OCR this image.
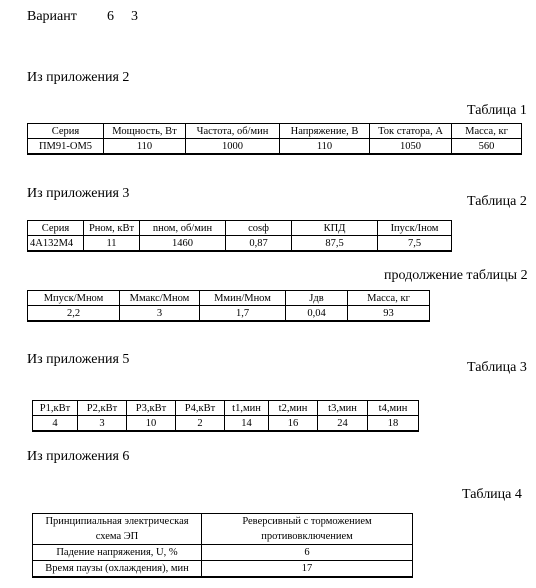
Вариант 6 3
Из приложения 2
Таблица 1
Серия	Мощность, Вт	Частота, об/мин	Напряжение, В	Ток статора, А	Масса, кг
ПМ91-ОМ5	110	1000	110	1050	560
Из приложения 3
Таблица 2
Серия	Рном, кВт	nном, об/мин	cosф	КПД	Iпуск/Iном
4А132М4	11	1460	0,87	87,5	7,5
продолжение таблицы 2
Мпуск/Мном	Ммакс/Мном	Ммин/Мном	Jдв	Масса, кг
2,2	3	1,7	0,04	93
Из приложения 5
Таблица 3
P1,кВт	P2,кВт	P3,кВт	P4,кВт	t1,мин	t2,мин	t3,мин	t4,мин
4	3	10	2	14	16	24	18
Из приложения 6
Таблица 4
Принципиальная электрическая схема ЭП	Реверсивный с торможением противовключением
Падение напряжения, U, %	6
Время паузы (охлаждения), мин	17
